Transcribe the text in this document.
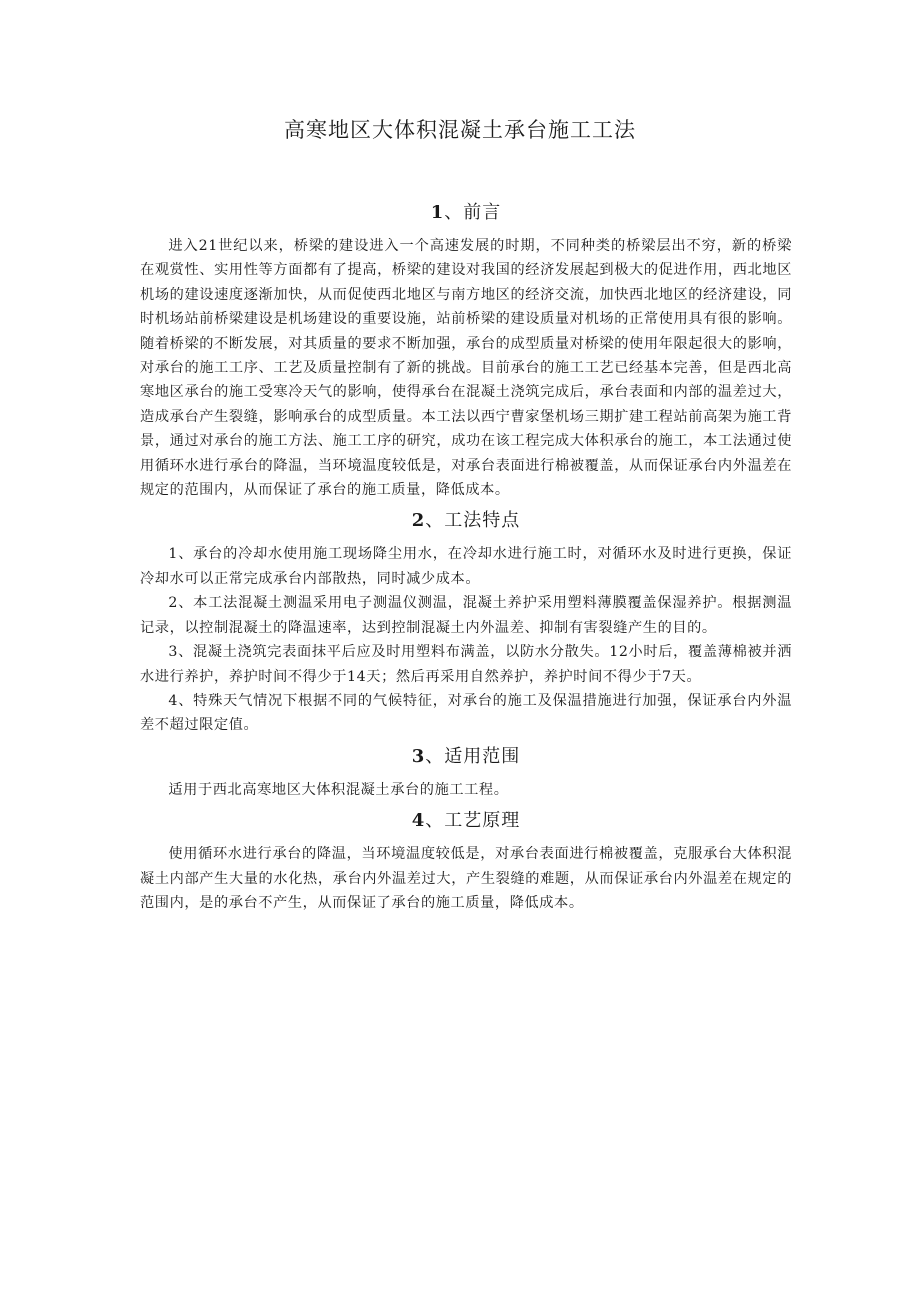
高寒地区大体积混凝土承台施工工法
1、前言

进入21世纪以来，桥梁的建设进入一个高速发展的时期，不同种类的桥梁层出不穷，新的桥梁在观赏性、实用性等方面都有了提高，桥梁的建设对我国的经济发展起到极大的促进作用，西北地区机场的建设速度逐渐加快，从而促使西北地区与南方地区的经济交流，加快西北地区的经济建设，同时机场站前桥梁建设是机场建设的重要设施，站前桥梁的建设质量对机场的正常使用具有很的影响。随着桥梁的不断发展，对其质量的要求不断加强，承台的成型质量对桥梁的使用年限起很大的影响，对承台的施工工序、工艺及质量控制有了新的挑战。目前承台的施工工艺已经基本完善，但是西北高寒地区承台的施工受寒冷天气的影响，使得承台在混凝土浇筑完成后，承台表面和内部的温差过大，造成承台产生裂缝，影响承台的成型质量。本工法以西宁曹家堡机场三期扩建工程站前高架为施工背景，通过对承台的施工方法、施工工序的研究，成功在该工程完成大体积承台的施工，本工法通过使用循环水进行承台的降温，当环境温度较低是，对承台表面进行棉被覆盖，从而保证承台内外温差在规定的范围内，从而保证了承台的施工质量，降低成本。

2、工法特点

1、承台的冷却水使用施工现场降尘用水，在冷却水进行施工时，对循环水及时进行更换，保证冷却水可以正常完成承台内部散热，同时减少成本。

2、本工法混凝土测温采用电子测温仪测温，混凝土养护采用塑料薄膜覆盖保湿养护。根据测温记录，以控制混凝土的降温速率，达到控制混凝土内外温差、抑制有害裂缝产生的目的。

3、混凝土浇筑完表面抹平后应及时用塑料布满盖，以防水分散失。12小时后，覆盖薄棉被并洒水进行养护，养护时间不得少于14天；然后再采用自然养护，养护时间不得少于7天。

4、特殊天气情况下根据不同的气候特征，对承台的施工及保温措施进行加强，保证承台内外温差不超过限定值。

3、适用范围

适用于西北高寒地区大体积混凝土承台的施工工程。

4、工艺原理

使用循环水进行承台的降温，当环境温度较低是，对承台表面进行棉被覆盖，克服承台大体积混凝土内部产生大量的水化热，承台内外温差过大，产生裂缝的难题，从而保证承台内外温差在规定的范围内，是的承台不产生，从而保证了承台的施工质量，降低成本。
